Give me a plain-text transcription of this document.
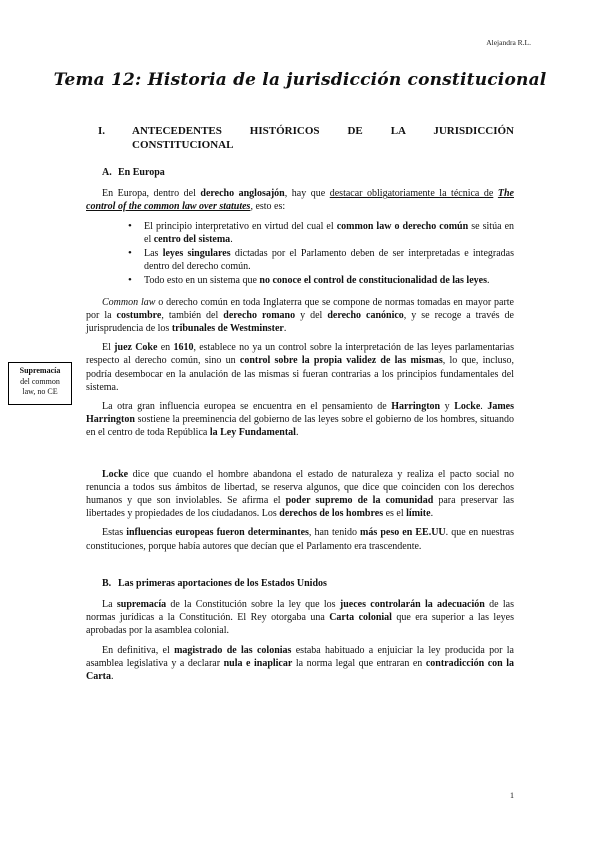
Alejandra R.L.
Tema 12: Historia de la jurisdicción constitucional
Supremacía
del common
law, no CE

I.	ANTECEDENTES HISTÓRICOS DE LA JURISDICCIÓN CONSTITUCIONAL

A. En Europa

En Europa, dentro del derecho anglosajón, hay que destacar obligatoriamente la técnica de The control of the common law over statutes, esto es:

• El principio interpretativo en virtud del cual el common law o derecho común se sitúa en el centro del sistema.
• Las leyes singulares dictadas por el Parlamento deben de ser interpretadas e integradas dentro del derecho común.
• Todo esto en un sistema que no conoce el control de constitucionalidad de las leyes.

Common law o derecho común en toda Inglaterra que se compone de normas tomadas en mayor parte por la costumbre, también del derecho romano y del derecho canónico, y se recoge a través de jurisprudencia de los tribunales de Westminster.

El juez Coke en 1610, establece no ya un control sobre la interpretación de las leyes parlamentarias respecto al derecho común, sino un control sobre la propia validez de las mismas, lo que, incluso, podría desembocar en la anulación de las mismas si fueran contrarias a los principios fundamentales del sistema.

La otra gran influencia europea se encuentra en el pensamiento de Harrington y Locke. James Harrington sostiene la preeminencia del gobierno de las leyes sobre el gobierno de los hombres, situando en el centro de toda República la Ley Fundamental.

Locke dice que cuando el hombre abandona el estado de naturaleza y realiza el pacto social no renuncia a todos sus ámbitos de libertad, se reserva algunos, que dice que coinciden con los derechos humanos y que son inviolables. Se afirma el poder supremo de la comunidad para preservar las libertades y propiedades de los ciudadanos. Los derechos de los hombres es el límite.

Estas influencias europeas fueron determinantes, han tenido más peso en EE.UU. que en nuestras constituciones, porque había autores que decían que el Parlamento era trascendente.

B. Las primeras aportaciones de los Estados Unidos

La supremacía de la Constitución sobre la ley que los jueces controlarán la adecuación de las normas jurídicas a la Constitución. El Rey otorgaba una Carta colonial que era superior a las leyes aprobadas por la asamblea colonial.

En definitiva, el magistrado de las colonias estaba habituado a enjuiciar la ley producida por la asamblea legislativa y a declarar nula e inaplicar la norma legal que entraran en contradicción con la Carta.

1
